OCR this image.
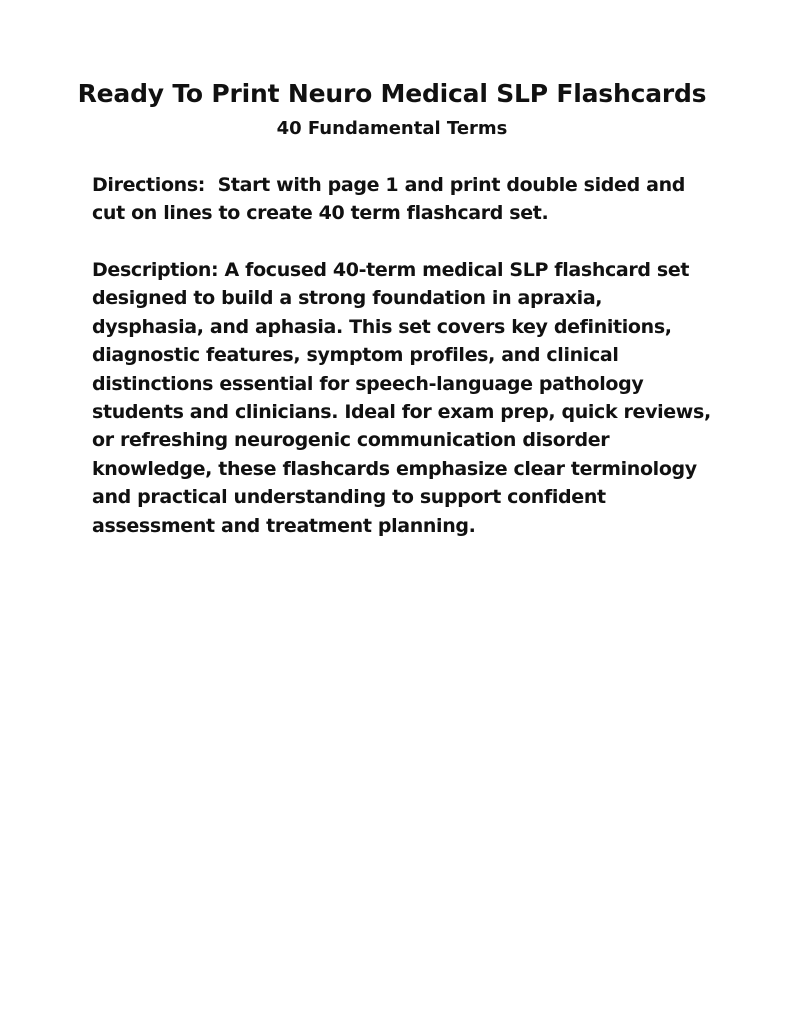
Ready To Print Neuro Medical SLP Flashcards
40 Fundamental Terms
Directions:  Start with page 1 and print double sided and
cut on lines to create 40 term flashcard set.
Description: A focused 40-term medical SLP flashcard set
designed to build a strong foundation in apraxia,
dysphasia, and aphasia. This set covers key definitions,
diagnostic features, symptom profiles, and clinical
distinctions essential for speech-language pathology
students and clinicians. Ideal for exam prep, quick reviews,
or refreshing neurogenic communication disorder
knowledge, these flashcards emphasize clear terminology
and practical understanding to support confident
assessment and treatment planning.
